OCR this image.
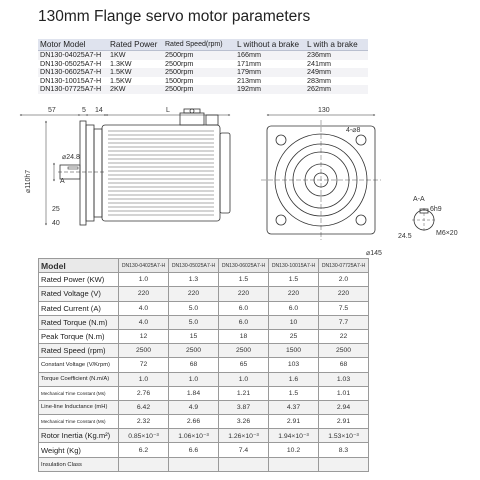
130mm Flange servo motor parameters
Motor Model	Rated Power	Rated Speed(rpm)	L without a brake	L with a brake
DN130-04025A7-H	1KW	2500rpm	166mm	236mm
DN130-05025A7-H	1.3KW	2500rpm	171mm	241mm
DN130-06025A7-H	1.5KW	2500rpm	179mm	249mm
DN130-10015A7-H	1.5KW	1500rpm	213mm	283mm
DN130-07725A7-H	2KW	2500rpm	192mm	262mm
57	5 14	L	130
⌀24.8
⌀110h7
25
40
4-⌀8
⌀145
A-A
6h9
24.5	M6×20
A
Model	DN130-04025A7-H	DN130-05025A7-H	DN130-06025A7-H	DN130-10015A7-H	DN130-07725A7-H
Rated Power (KW)	1.0	1.3	1.5	1.5	2.0
Rated Voltage (V)	220	220	220	220	220
Rated Current (A)	4.0	5.0	6.0	6.0	7.5
Rated Torque (N.m)	4.0	5.0	6.0	10	7.7
Peak Torque (N.m)	12	15	18	25	22
Rated Speed (rpm)	2500	2500	2500	1500	2500
Constant Voltage (V/Krpm)	72	68	65	103	68
Torque Coefficient (N.m/A)	1.0	1.0	1.0	1.6	1.03
Mechanical Time Constant (Ms)	2.76	1.84	1.21	1.5	1.01
Line-line Inductance (mH)	6.42	4.9	3.87	4.37	2.94
Mechanical Time Constant (Ms)	2.32	2.66	3.26	2.91	2.91
Rotor Inertia (Kg.m²)	0.85×10⁻³	1.06×10⁻³	1.26×10⁻³	1.94×10⁻³	1.53×10⁻³
Weight (Kg)	6.2	6.6	7.4	10.2	8.3
Insulation Class					
